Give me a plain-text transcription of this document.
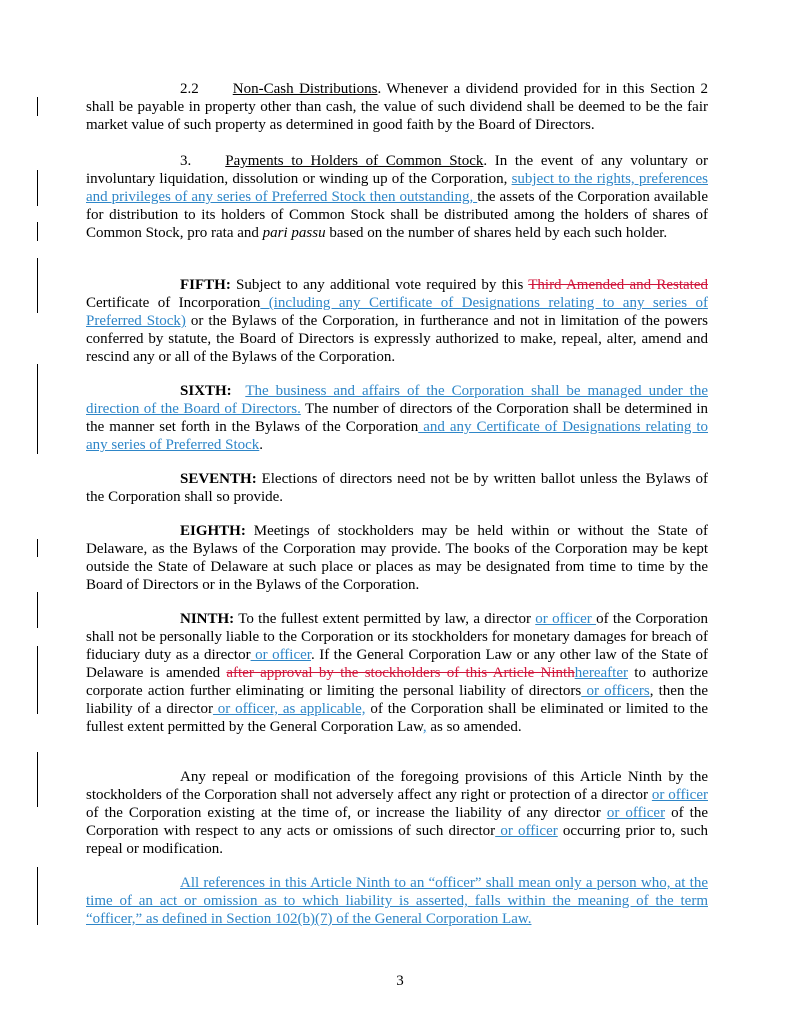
2.2 Non-Cash Distributions. Whenever a dividend provided for in this Section 2 shall be payable in property other than cash, the value of such dividend shall be deemed to be the fair market value of such property as determined in good faith by the Board of Directors.

3. Payments to Holders of Common Stock. In the event of any voluntary or involuntary liquidation, dissolution or winding up of the Corporation, subject to the rights, preferences and privileges of any series of Preferred Stock then outstanding, the assets of the Corporation available for distribution to its holders of Common Stock shall be distributed among the holders of shares of Common Stock, pro rata and pari passu based on the number of shares held by each such holder.

FIFTH: Subject to any additional vote required by this Third Amended and Restated Certificate of Incorporation (including any Certificate of Designations relating to any series of Preferred Stock) or the Bylaws of the Corporation, in furtherance and not in limitation of the powers conferred by statute, the Board of Directors is expressly authorized to make, repeal, alter, amend and rescind any or all of the Bylaws of the Corporation.

SIXTH: The business and affairs of the Corporation shall be managed under the direction of the Board of Directors. The number of directors of the Corporation shall be determined in the manner set forth in the Bylaws of the Corporation and any Certificate of Designations relating to any series of Preferred Stock.

SEVENTH: Elections of directors need not be by written ballot unless the Bylaws of the Corporation shall so provide.

EIGHTH: Meetings of stockholders may be held within or without the State of Delaware, as the Bylaws of the Corporation may provide. The books of the Corporation may be kept outside the State of Delaware at such place or places as may be designated from time to time by the Board of Directors or in the Bylaws of the Corporation.

NINTH: To the fullest extent permitted by law, a director or officer of the Corporation shall not be personally liable to the Corporation or its stockholders for monetary damages for breach of fiduciary duty as a director or officer. If the General Corporation Law or any other law of the State of Delaware is amended after approval by the stockholders of this Article Ninthhereafter to authorize corporate action further eliminating or limiting the personal liability of directors or officers, then the liability of a director or officer, as applicable, of the Corporation shall be eliminated or limited to the fullest extent permitted by the General Corporation Law, as so amended.

Any repeal or modification of the foregoing provisions of this Article Ninth by the stockholders of the Corporation shall not adversely affect any right or protection of a director or officer of the Corporation existing at the time of, or increase the liability of any director or officer of the Corporation with respect to any acts or omissions of such director or officer occurring prior to, such repeal or modification.

All references in this Article Ninth to an “officer” shall mean only a person who, at the time of an act or omission as to which liability is asserted, falls within the meaning of the term “officer,” as defined in Section 102(b)(7) of the General Corporation Law.

3
